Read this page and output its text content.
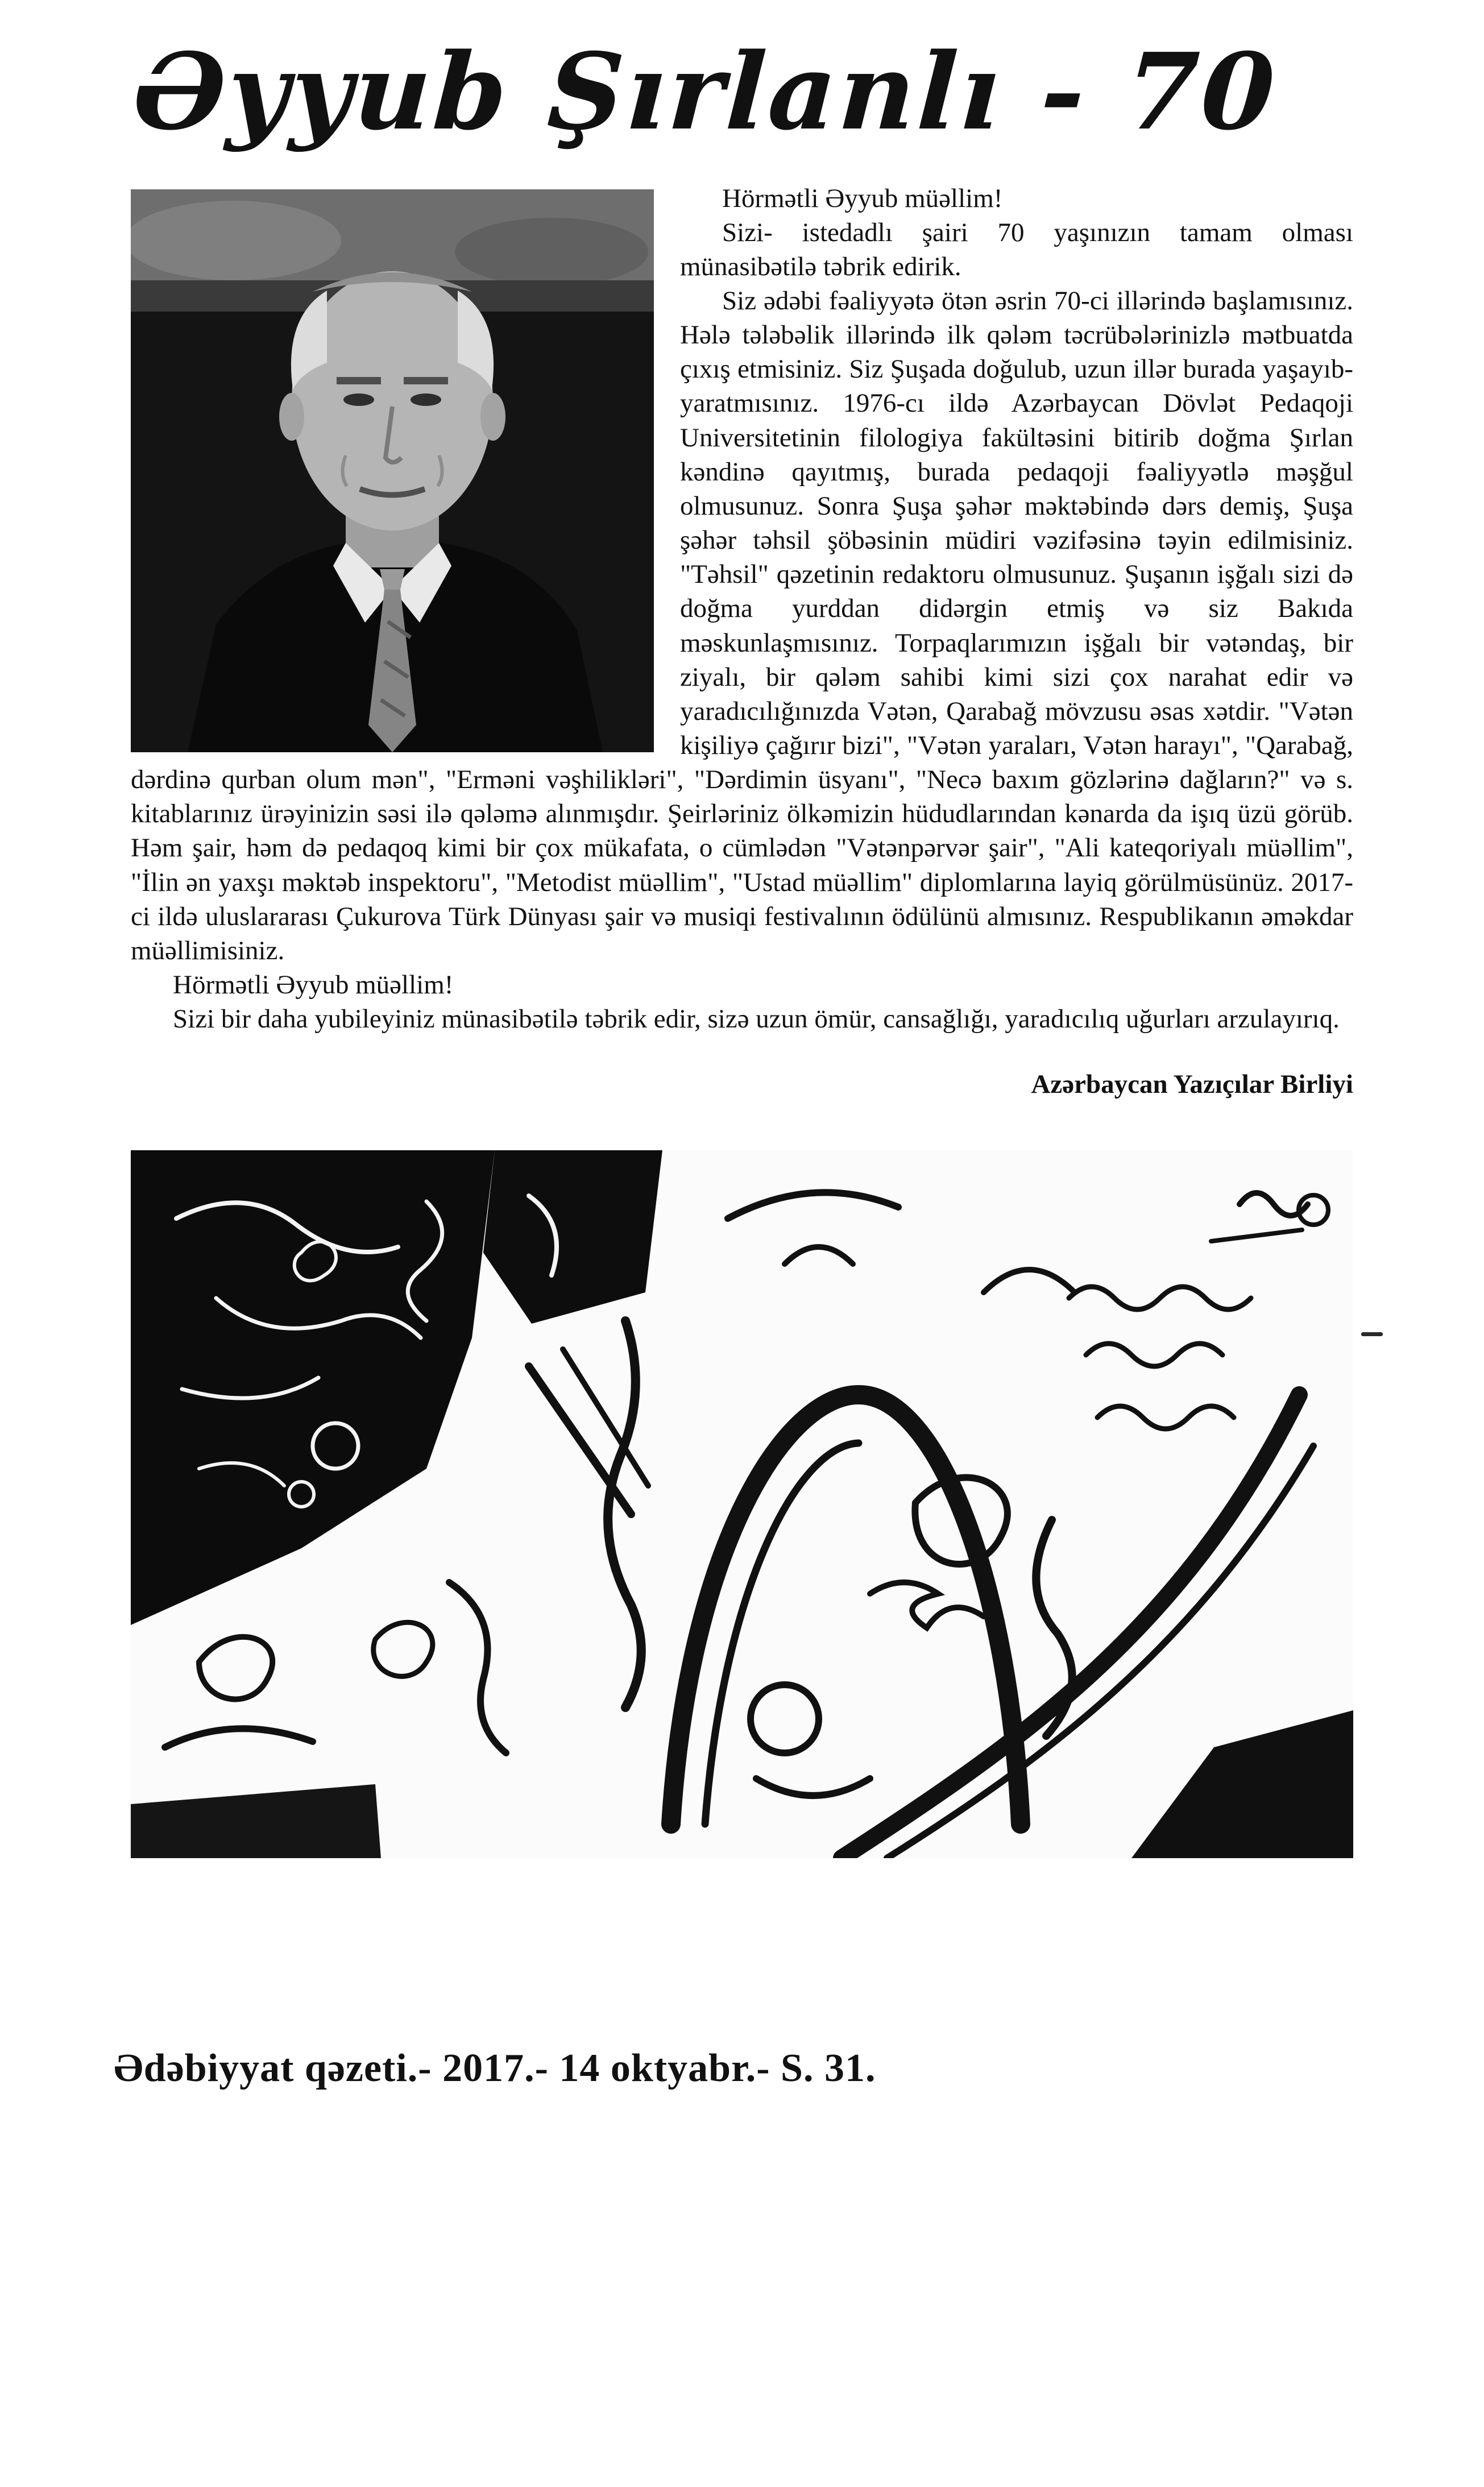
Əyyub Şırlanlı - 70

Hörmətli Əyyub müəllim!

Sizi- istedadlı şairi 70 yaşınızın tamam olması münasibətilə təbrik edirik.

Siz ədəbi fəaliyyətə ötən əsrin 70-ci illərində başlamısınız. Hələ tələbəlik illərində ilk qələm təcrübələrinizlə mətbuatda çıxış etmisiniz. Siz Şuşada doğulub, uzun illər burada yaşayıb-yaratmısınız. 1976-cı ildə Azərbaycan Dövlət Pedaqoji Universitetinin filologiya fakültəsini bitirib doğma Şırlan kəndinə qayıtmış, burada pedaqoji fəaliyyətlə məşğul olmusunuz. Sonra Şuşa şəhər məktəbində dərs demiş, Şuşa şəhər təhsil şöbəsinin müdiri vəzifəsinə təyin edilmisiniz. "Təhsil" qəzetinin redaktoru olmusunuz. Şuşanın işğalı sizi də doğma yurddan didərgin etmiş və siz Bakıda məskunlaşmısınız. Torpaqlarımızın işğalı bir vətəndaş, bir ziyalı, bir qələm sahibi kimi sizi çox narahat edir və yaradıcılığınızda Vətən, Qarabağ mövzusu əsas xətdir. "Vətən kişiliyə çağırır bizi", "Vətən yaraları, Vətən harayı", "Qarabağ, dərdinə qurban olum mən", "Erməni vəşhilikləri", "Dərdimin üsyanı", "Necə baxım gözlərinə dağların?" və s. kitablarınız ürəyinizin səsi ilə qələmə alınmışdır. Şeirləriniz ölkəmizin hüdudlarından kənarda da işıq üzü görüb. Həm şair, həm də pedaqoq kimi bir çox mükafata, o cümlədən "Vətənpərvər şair", "Ali kateqoriyalı müəllim", "İlin ən yaxşı məktəb inspektoru", "Metodist müəllim", "Ustad müəllim" diplomlarına layiq görülmüsünüz. 2017-ci ildə uluslararası Çukurova Türk Dünyası şair və musiqi festivalının ödülünü almısınız. Respublikanın əməkdar müəllimisiniz.

Hörmətli Əyyub müəllim!

Sizi bir daha yubileyiniz münasibətilə təbrik edir, sizə uzun ömür, cansağlığı, yaradıcılıq uğurları arzulayırıq.

Azərbaycan Yazıçılar Birliyi
Ədəbiyyat qəzeti.- 2017.- 14 oktyabr.- S. 31.
